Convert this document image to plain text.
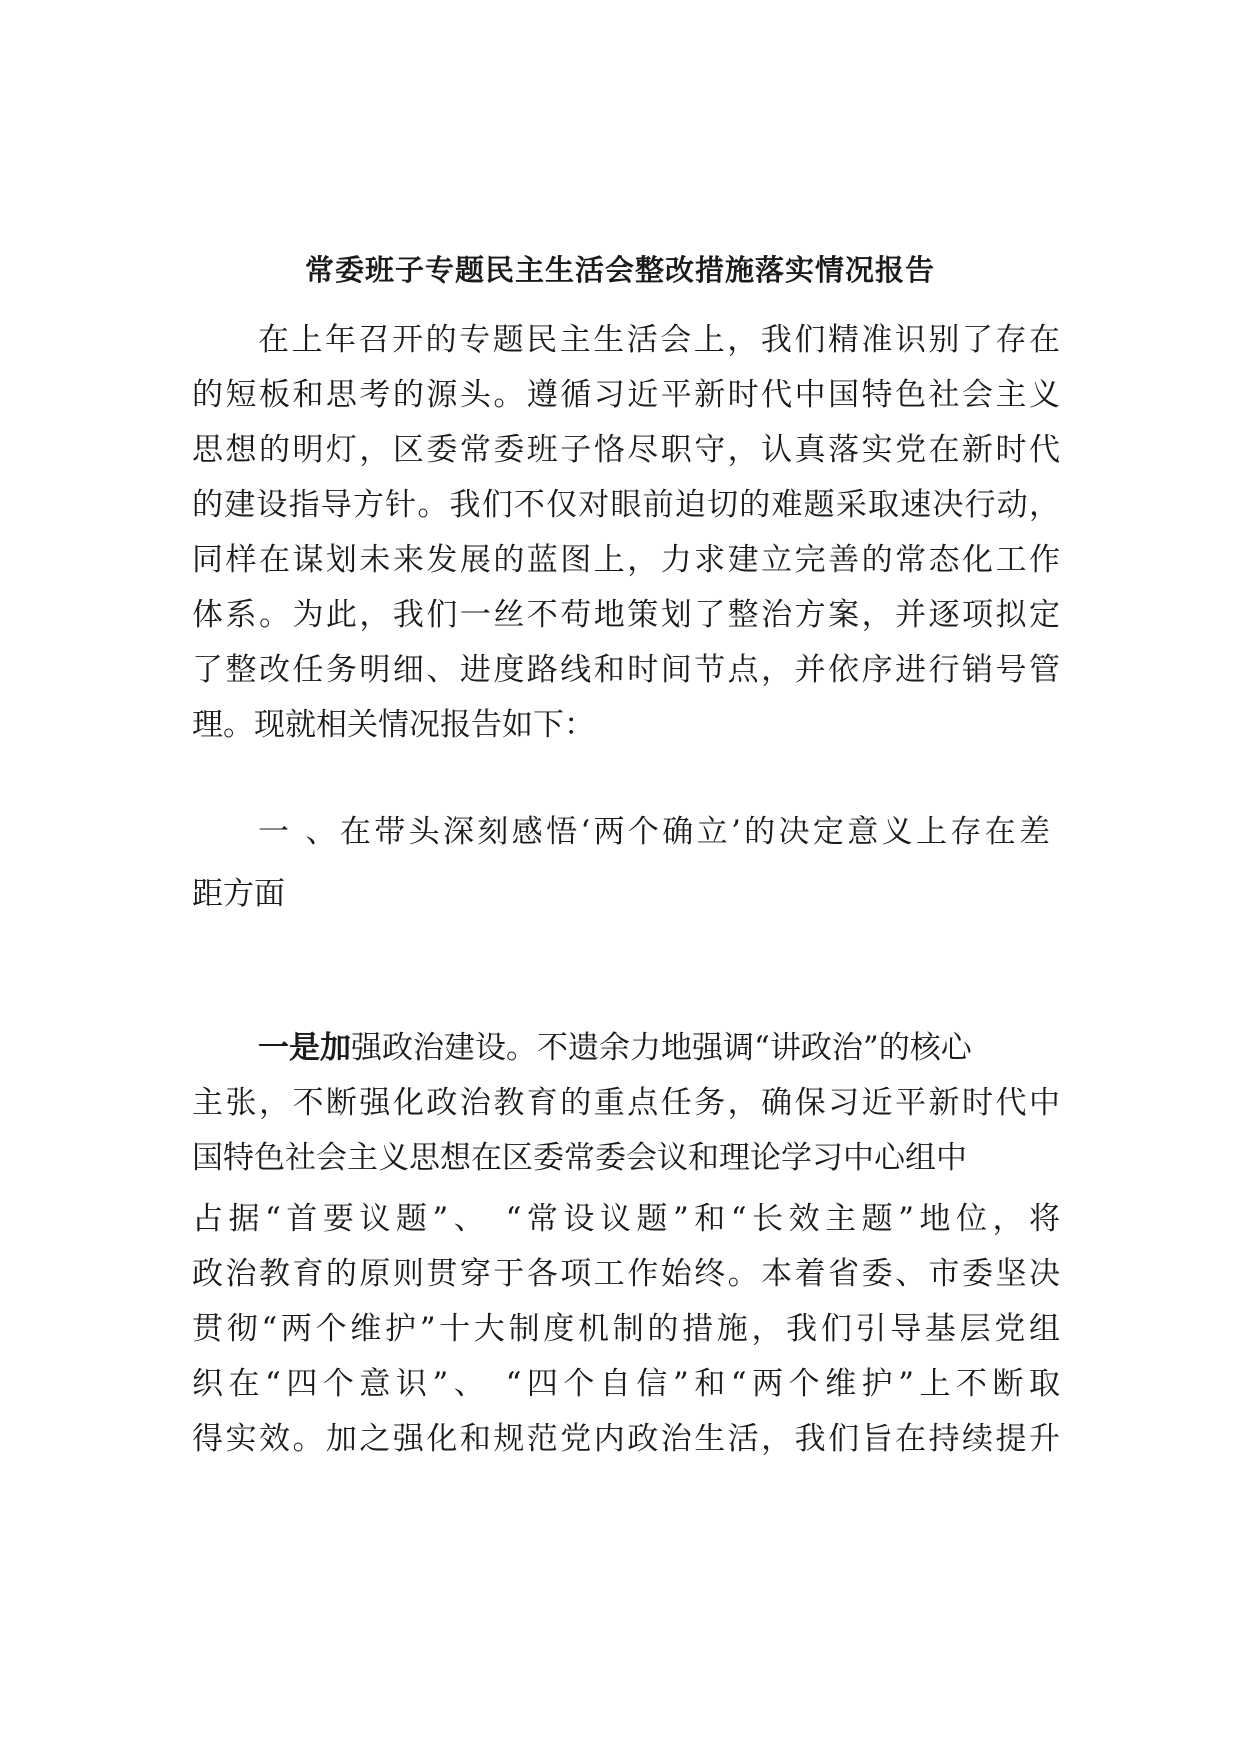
常委班子专题民主生活会整改措施落实情况报告
在上年召开的专题民主生活会上，我们精准识别了存在
的短板和思考的源头。遵循习近平新时代中国特色社会主义
思想的明灯，区委常委班子恪尽职守，认真落实党在新时代
的建设指导方针。我们不仅对眼前迫切的难题采取速决行动，
同样在谋划未来发展的蓝图上，力求建立完善的常态化工作
体系。为此，我们一丝不苟地策划了整治方案，并逐项拟定
了整改任务明细、进度路线和时间节点，并依序进行销号管
理。现就相关情况报告如下：
一 、在带头深刻感悟‘两个确立’的决定意义上存在差
距方面
一是加强政治建设。不遗余力地强调“讲政治”的核心
主张，不断强化政治教育的重点任务，确保习近平新时代中
国特色社会主义思想在区委常委会议和理论学习中心组中
占据“首要议题”、 “常设议题”和“长效主题”地位，将
政治教育的原则贯穿于各项工作始终。本着省委、市委坚决
贯彻“两个维护”十大制度机制的措施，我们引导基层党组
织在“四个意识”、 “四个自信”和“两个维护”上不断取
得实效。加之强化和规范党内政治生活，我们旨在持续提升
